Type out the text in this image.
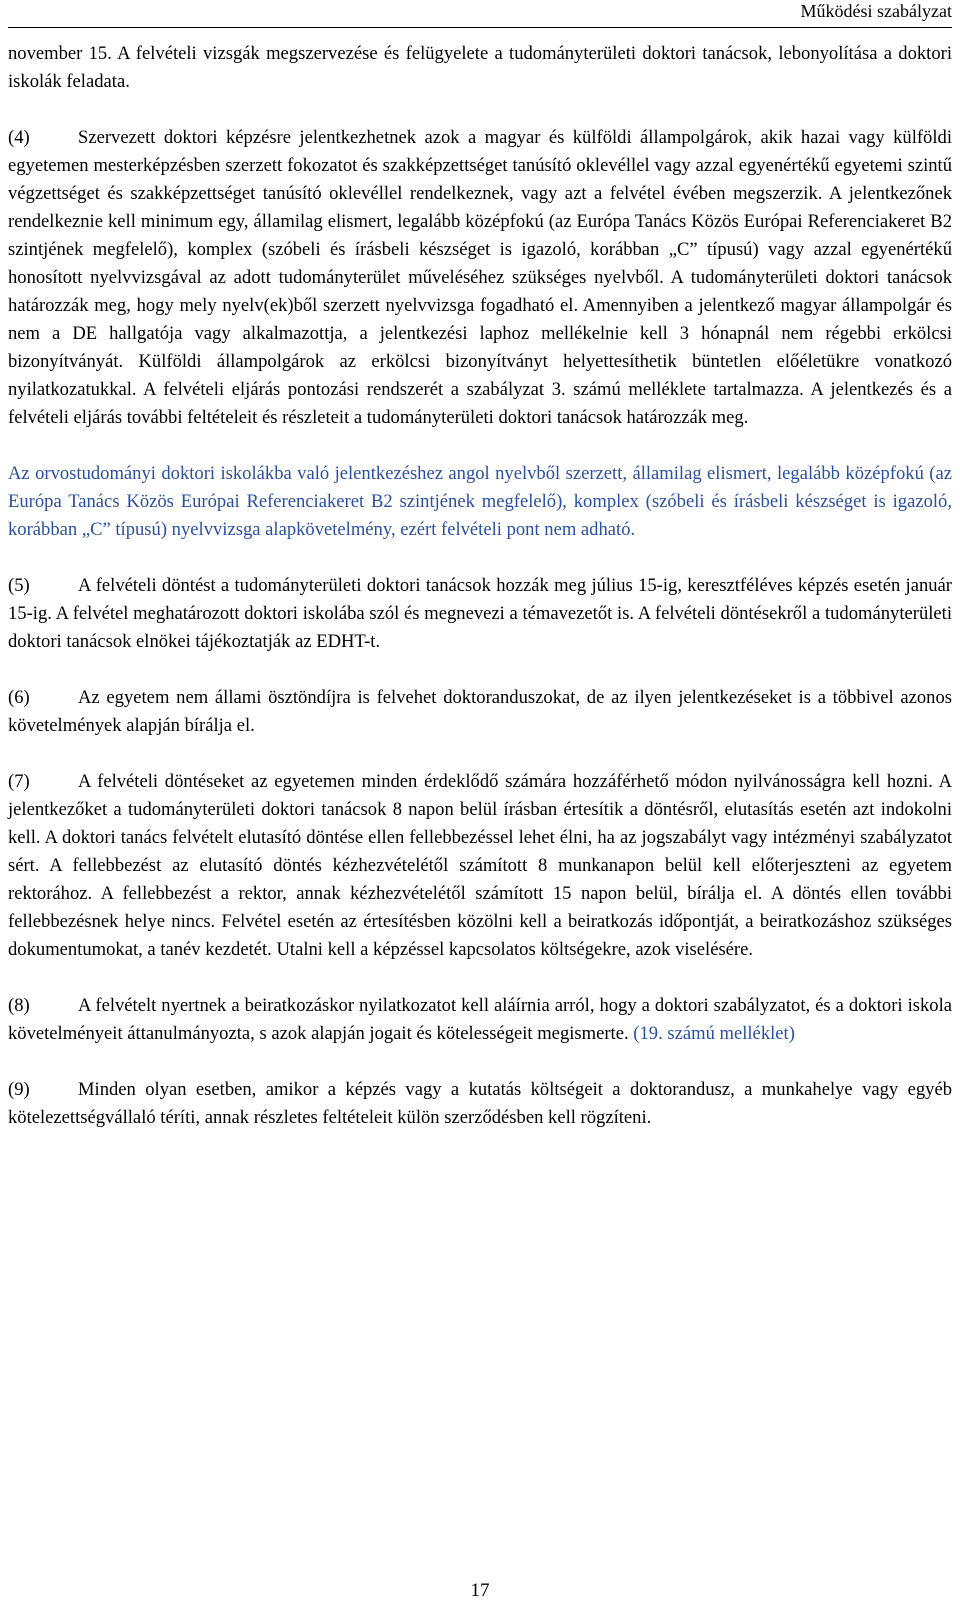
Működési szabályzat

november 15. A felvételi vizsgák megszervezése és felügyelete a tudományterületi doktori tanácsok, lebonyolítása a doktori iskolák feladata.

(4)	Szervezett doktori képzésre jelentkezhetnek azok a magyar és külföldi állampolgárok, akik hazai vagy külföldi egyetemen mesterképzésben szerzett fokozatot és szakképzettséget tanúsító oklevéllel vagy azzal egyenértékű egyetemi szintű végzettséget és szakképzettséget tanúsító oklevéllel rendelkeznek, vagy azt a felvétel évében megszerzik. A jelentkezőnek rendelkeznie kell minimum egy, államilag elismert, legalább középfokú (az Európa Tanács Közös Európai Referenciakeret B2 szintjének megfelelő), komplex (szóbeli és írásbeli készséget is igazoló, korábban „C” típusú) vagy azzal egyenértékű honosított nyelvvizsgával az adott tudományterület műveléséhez szükséges nyelvből. A tudományterületi doktori tanácsok határozzák meg, hogy mely nyelv(ek)ből szerzett nyelvvizsga fogadható el. Amennyiben a jelentkező magyar állampolgár és nem a DE hallgatója vagy alkalmazottja, a jelentkezési laphoz mellékelnie kell 3 hónapnál nem régebbi erkölcsi bizonyítványát. Külföldi állampolgárok az erkölcsi bizonyítványt helyettesíthetik büntetlen előéletükre vonatkozó nyilatkozatukkal. A felvételi eljárás pontozási rendszerét a szabályzat 3. számú melléklete tartalmazza. A jelentkezés és a felvételi eljárás további feltételeit és részleteit a tudományterületi doktori tanácsok határozzák meg.

Az orvostudományi doktori iskolákba való jelentkezéshez angol nyelvből szerzett, államilag elismert, legalább középfokú (az Európa Tanács Közös Európai Referenciakeret B2 szintjének megfelelő), komplex (szóbeli és írásbeli készséget is igazoló, korábban „C” típusú) nyelvvizsga alapkövetelmény, ezért felvételi pont nem adható.

(5)	A felvételi döntést a tudományterületi doktori tanácsok hozzák meg július 15-ig, keresztféléves képzés esetén január 15-ig. A felvétel meghatározott doktori iskolába szól és megnevezi a témavezetőt is. A felvételi döntésekről a tudományterületi doktori tanácsok elnökei tájékoztatják az EDHT-t.

(6)	Az egyetem nem állami ösztöndíjra is felvehet doktoranduszokat, de az ilyen jelentkezéseket is a többivel azonos követelmények alapján bírálja el.

(7)	A felvételi döntéseket az egyetemen minden érdeklődő számára hozzáférhető módon nyilvánosságra kell hozni. A jelentkezőket a tudományterületi doktori tanácsok 8 napon belül írásban értesítik a döntésről, elutasítás esetén azt indokolni kell. A doktori tanács felvételt elutasító döntése ellen fellebbezéssel lehet élni, ha az jogszabályt vagy intézményi szabályzatot sért. A fellebbezést az elutasító döntés kézhezvételétől számított 8 munkanapon belül kell előterjeszteni az egyetem rektorához. A fellebbezést a rektor, annak kézhezvételétől számított 15 napon belül, bírálja el. A döntés ellen további fellebbezésnek helye nincs. Felvétel esetén az értesítésben közölni kell a beiratkozás időpontját, a beiratkozáshoz szükséges dokumentumokat, a tanév kezdetét. Utalni kell a képzéssel kapcsolatos költségekre, azok viselésére.

(8)	A felvételt nyertnek a beiratkozáskor nyilatkozatot kell aláírnia arról, hogy a doktori szabályzatot, és a doktori iskola követelményeit áttanulmányozta, s azok alapján jogait és kötelességeit megismerte. (19. számú melléklet)

(9)	Minden olyan esetben, amikor a képzés vagy a kutatás költségeit a doktorandusz, a munkahelye vagy egyéb kötelezettségvállaló téríti, annak részletes feltételeit külön szerződésben kell rögzíteni.

17
